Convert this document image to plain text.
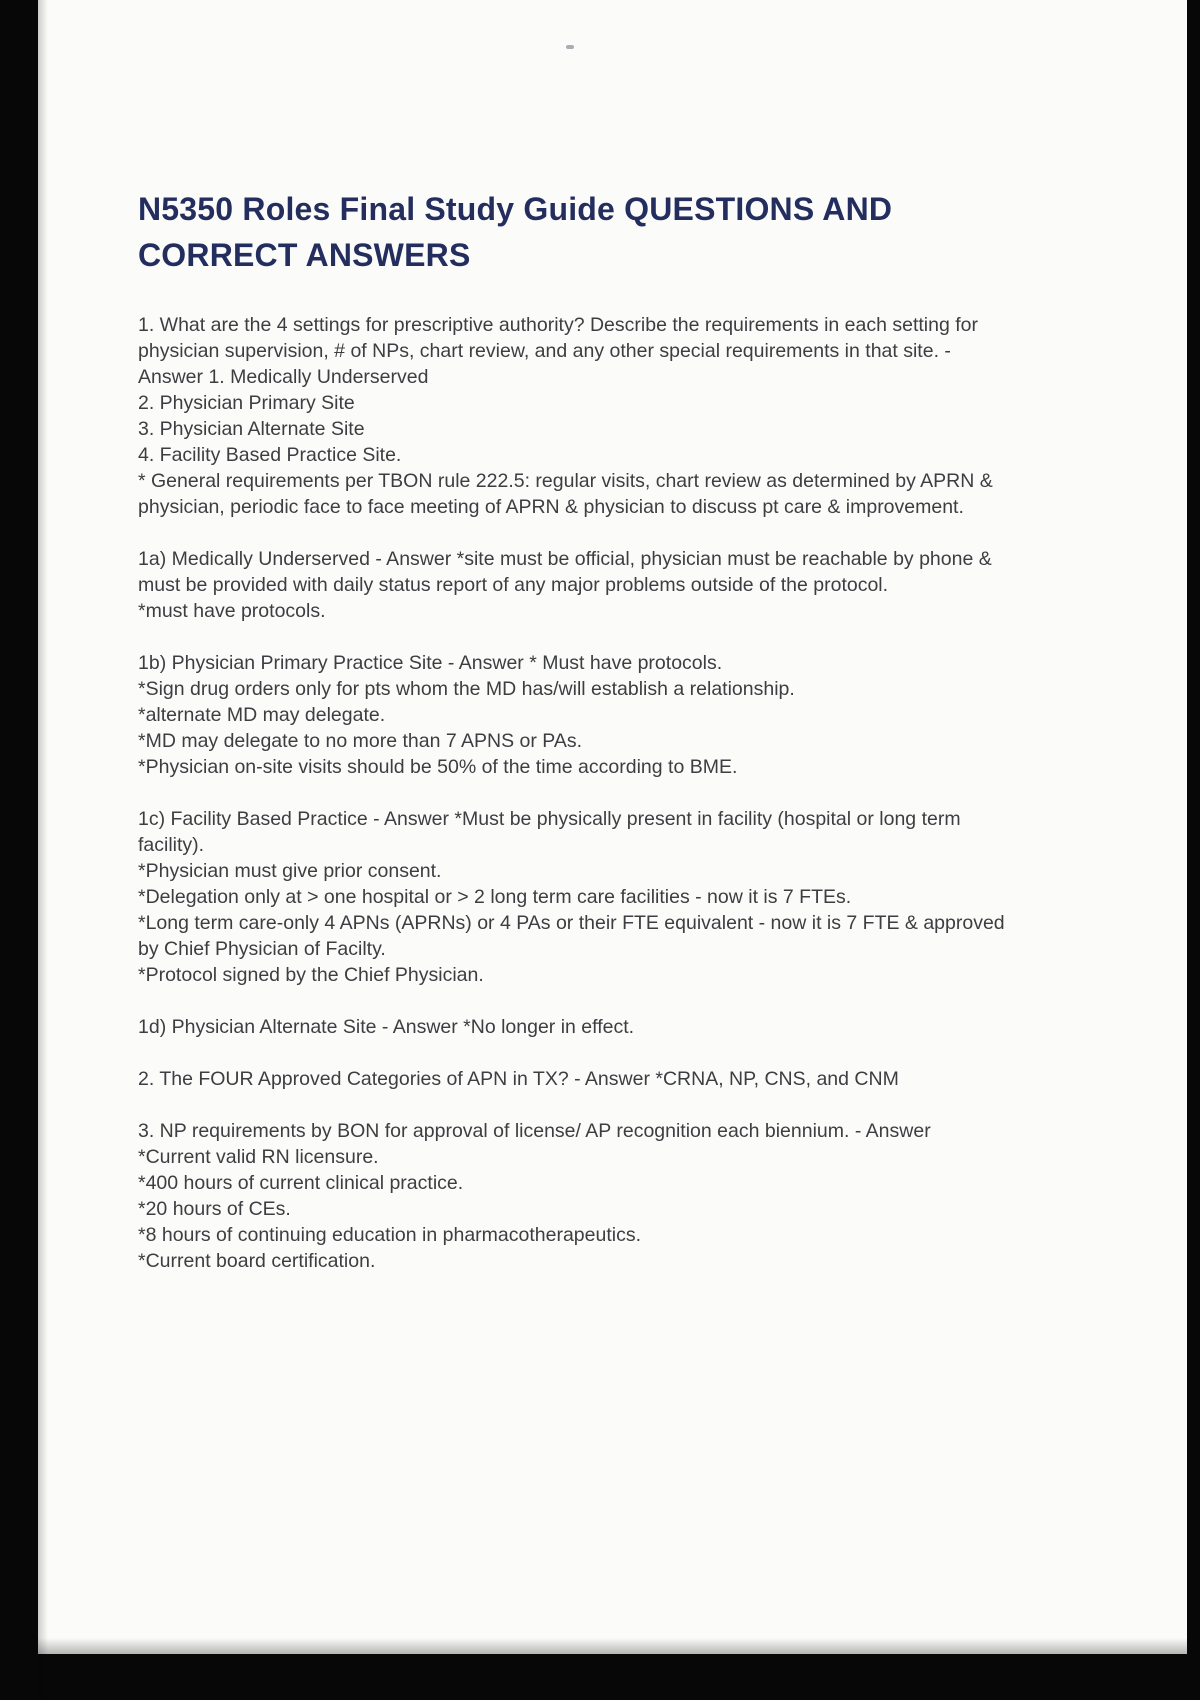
N5350 Roles Final Study Guide QUESTIONS AND CORRECT ANSWERS

1. What are the 4 settings for prescriptive authority? Describe the requirements in each setting for physician supervision, # of NPs, chart review, and any other special requirements in that site. - Answer 1. Medically Underserved

2. Physician Primary Site

3. Physician Alternate Site

4. Facility Based Practice Site.

* General requirements per TBON rule 222.5: regular visits, chart review as determined by APRN & physician, periodic face to face meeting of APRN & physician to discuss pt care & improvement.

1a) Medically Underserved - Answer *site must be official, physician must be reachable by phone & must be provided with daily status report of any major problems outside of the protocol.

*must have protocols.

1b) Physician Primary Practice Site - Answer * Must have protocols.

*Sign drug orders only for pts whom the MD has/will establish a relationship.

*alternate MD may delegate.

*MD may delegate to no more than 7 APNS or PAs.

*Physician on-site visits should be 50% of the time according to BME.

1c) Facility Based Practice - Answer *Must be physically present in facility (hospital or long term facility).

*Physician must give prior consent.

*Delegation only at > one hospital or > 2 long term care facilities - now it is 7 FTEs.

*Long term care-only 4 APNs (APRNs) or 4 PAs or their FTE equivalent - now it is 7 FTE & approved by Chief Physician of Facilty.

*Protocol signed by the Chief Physician.

1d) Physician Alternate Site - Answer *No longer in effect.

2. The FOUR Approved Categories of APN in TX? - Answer *CRNA, NP, CNS, and CNM

3. NP requirements by BON for approval of license/ AP recognition each biennium. - Answer *Current valid RN licensure.

*400 hours of current clinical practice.

*20 hours of CEs.

*8 hours of continuing education in pharmacotherapeutics.

*Current board certification.
